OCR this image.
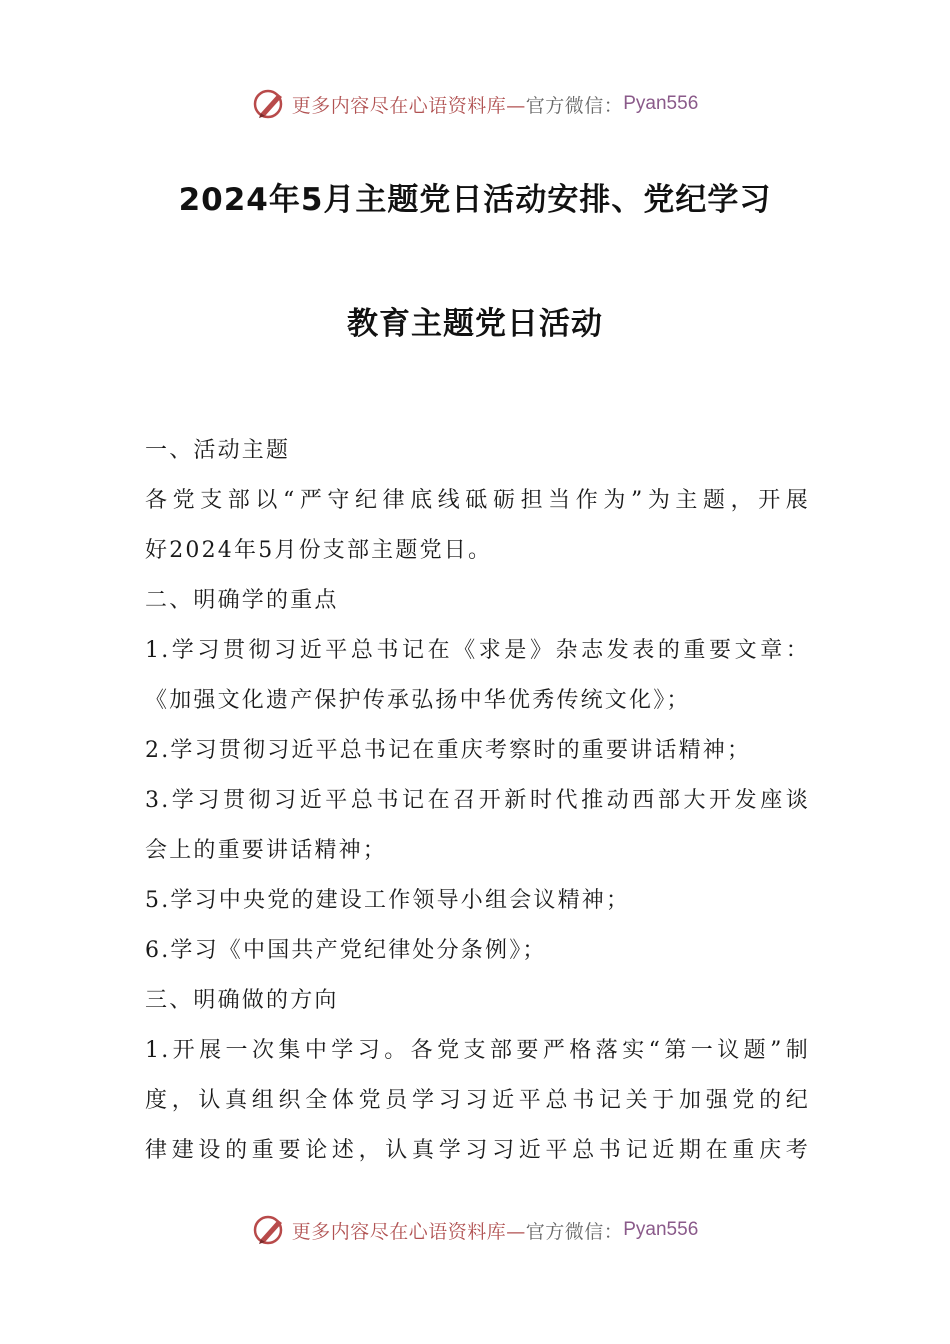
更多内容尽在心语资料库— 官方微信： Pyan556
2024年5月主题党日活动安排、党纪学习
教育主题党日活动
一、活动主题
各党支部以“严守纪律底线砥砺担当作为”为主题，开展
好2024年5月份支部主题党日。
二、明确学的重点
1.学习贯彻习近平总书记在《求是》杂志发表的重要文章：
《加强文化遗产保护传承弘扬中华优秀传统文化》；
2.学习贯彻习近平总书记在重庆考察时的重要讲话精神；
3.学习贯彻习近平总书记在召开新时代推动西部大开发座谈
会上的重要讲话精神；
5.学习中央党的建设工作领导小组会议精神；
6.学习《中国共产党纪律处分条例》；
三、明确做的方向
1.开展一次集中学习。各党支部要严格落实“第一议题”制
度，认真组织全体党员学习习近平总书记关于加强党的纪
律建设的重要论述，认真学习习近平总书记近期在重庆考
更多内容尽在心语资料库— 官方微信： Pyan556
